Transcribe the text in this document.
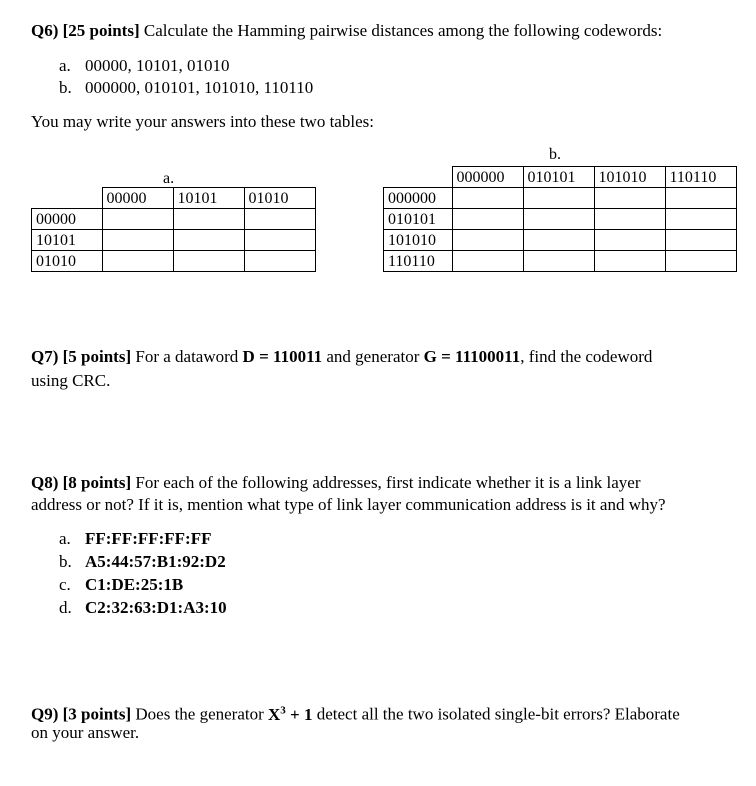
Q6) [25 points] Calculate the Hamming pairwise distances among the following codewords:
a. 00000, 10101, 01010
b. 000000, 010101, 101010, 110110
You may write your answers into these two tables:
a.
	00000	10101	01010
00000			
10101			
01010			
b.
	000000	010101	101010	110110
000000				
010101				
101010				
110110				
Q7) [5 points] For a dataword D = 110011 and generator G = 11100011, find the codeword
using CRC.
Q8) [8 points] For each of the following addresses, first indicate whether it is a link layer
address or not? If it is, mention what type of link layer communication address is it and why?
a. FF:FF:FF:FF:FF
b. A5:44:57:B1:92:D2
c. C1:DE:25:1B
d. C2:32:63:D1:A3:10
Q9) [3 points] Does the generator $X^3 + 1$ detect all the two isolated single-bit errors? Elaborate
on your answer.
